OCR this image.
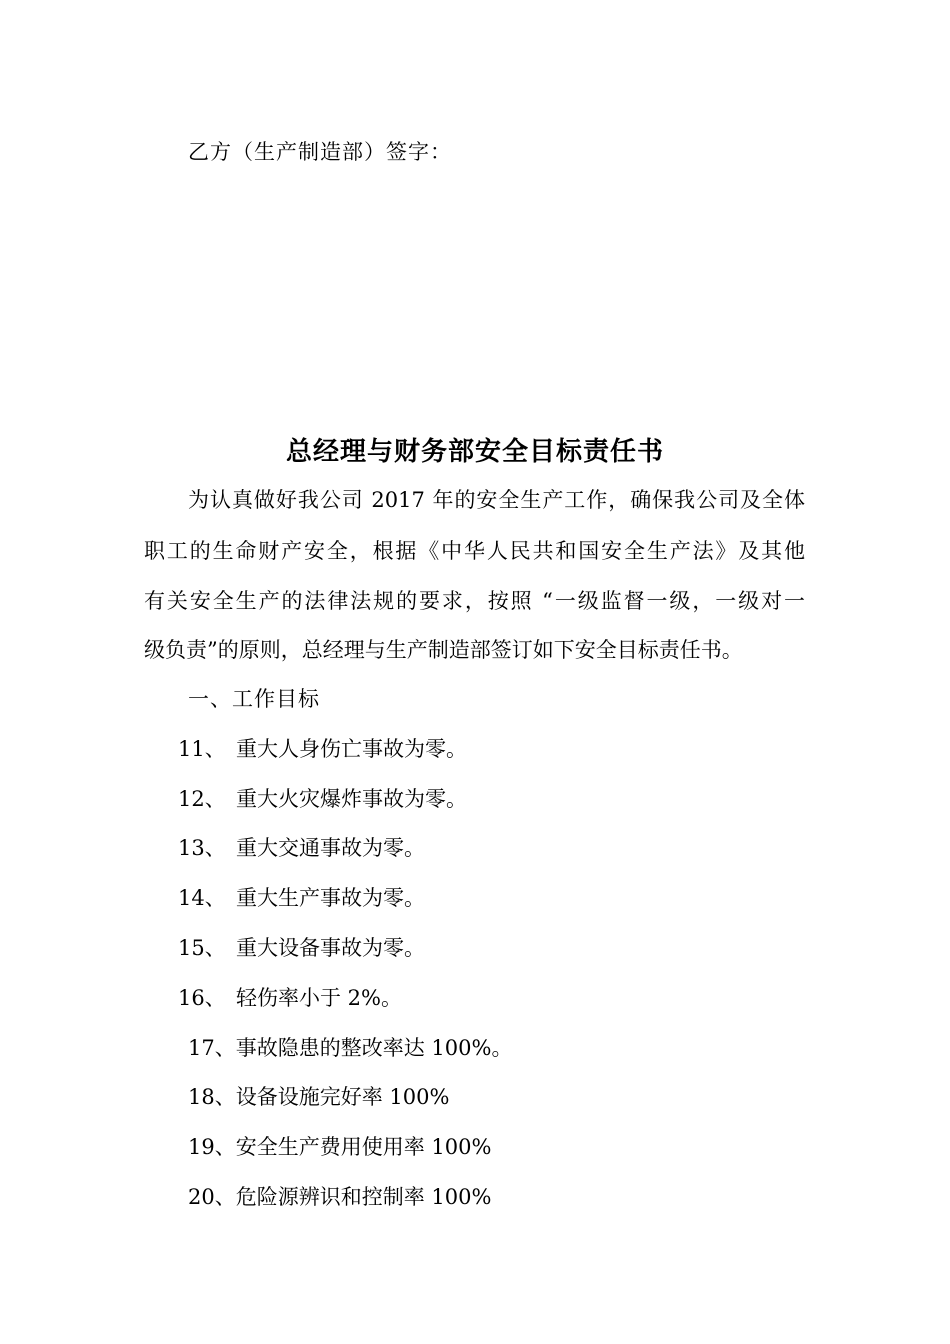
乙方（生产制造部）签字：
总经理与财务部安全目标责任书
为认真做好我公司 2017 年的安全生产工作，确保我公司及全体
职工的生命财产安全，根据《中华人民共和国安全生产法》及其他
有关安全生产的法律法规的要求，按照 “一级监督一级，一级对一
级负责”的原则，总经理与生产制造部签订如下安全目标责任书。
一、工作目标
11、 重大人身伤亡事故为零。
12、 重大火灾爆炸事故为零。
13、 重大交通事故为零。
14、 重大生产事故为零。
15、 重大设备事故为零。
16、 轻伤率小于 2%。
17、事故隐患的整改率达 100%。
18、设备设施完好率 100%
19、安全生产费用使用率 100%
20、危险源辨识和控制率 100%
